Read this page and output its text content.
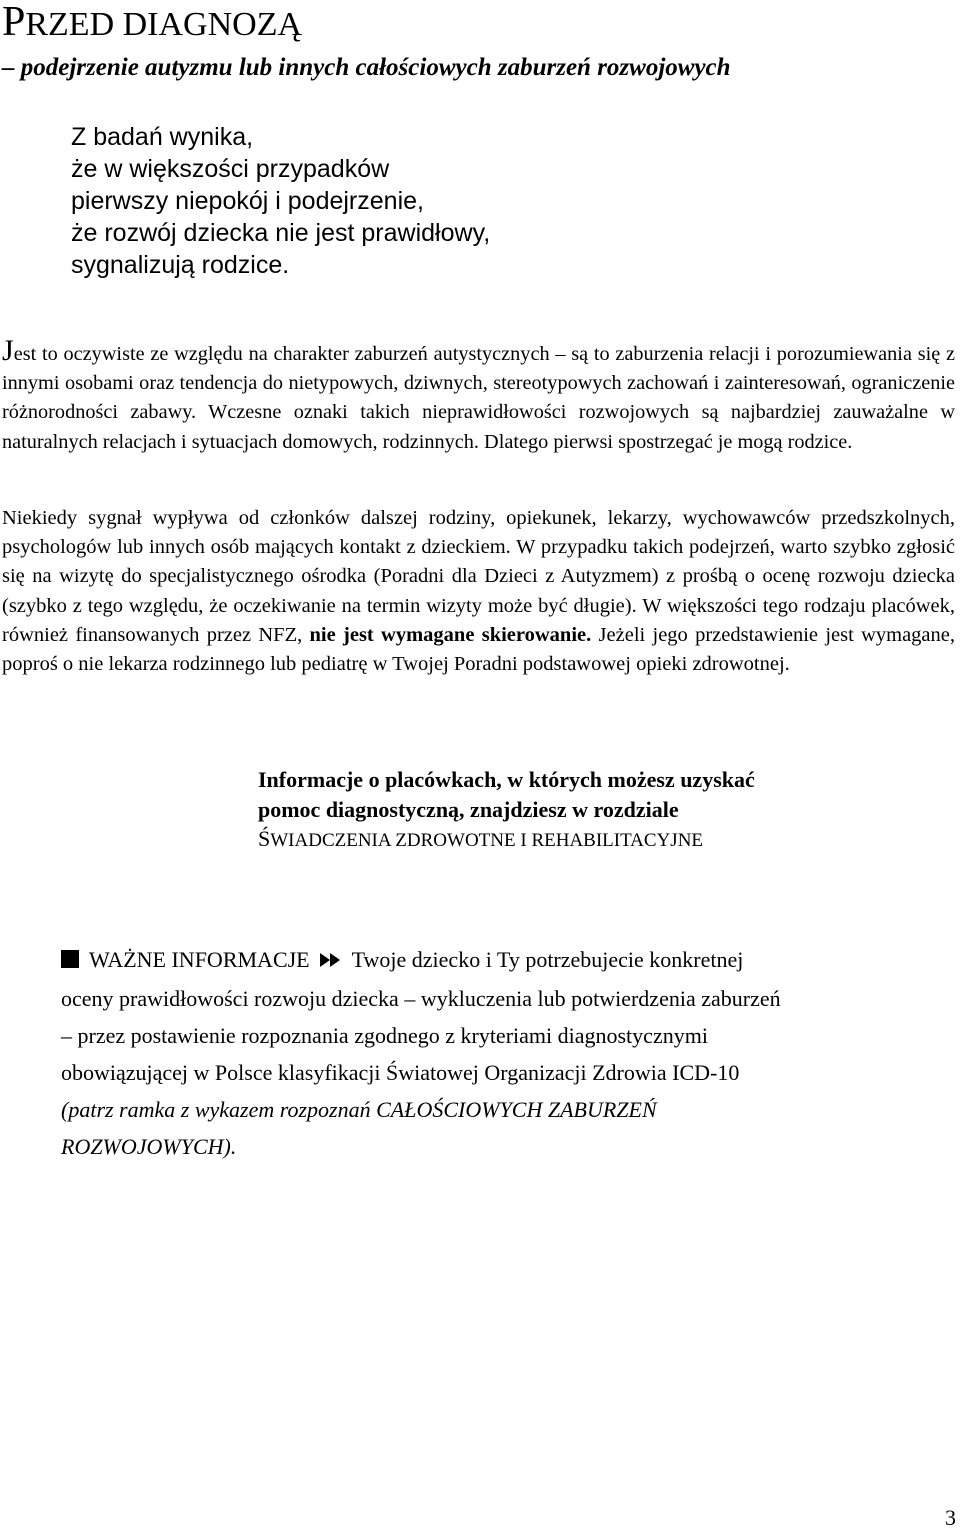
PRZED DIAGNOZĄ
– podejrzenie autyzmu lub innych całościowych zaburzeń rozwojowych
Z badań wynika,
że w większości przypadków
pierwszy niepokój i podejrzenie,
że rozwój dziecka nie jest prawidłowy,
sygnalizują rodzice.
Jest to oczywiste ze względu na charakter zaburzeń autystycznych – są to zaburzenia relacji i porozumiewania się z innymi osobami oraz tendencja do nietypowych, dziwnych, stereotypowych zachowań i zainteresowań, ograniczenie różnorodności zabawy. Wczesne oznaki takich nieprawidłowości rozwojowych są najbardziej zauważalne w naturalnych relacjach i sytuacjach domowych, rodzinnych. Dlatego pierwsi spostrzegać je mogą rodzice.
Niekiedy sygnał wypływa od członków dalszej rodziny, opiekunek, lekarzy, wychowawców przedszkolnych, psychologów lub innych osób mających kontakt z dzieckiem. W przypadku takich podejrzeń, warto szybko zgłosić się na wizytę do specjalistycznego ośrodka (Poradni dla Dzieci z Autyzmem) z prośbą o ocenę rozwoju dziecka (szybko z tego względu, że oczekiwanie na termin wizyty może być długie). W większości tego rodzaju placówek, również finansowanych przez NFZ, nie jest wymagane skierowanie. Jeżeli jego przedstawienie jest wymagane, poproś o nie lekarza rodzinnego lub pediatrę w Twojej Poradni podstawowej opieki zdrowotnej.
Informacje o placówkach, w których możesz uzyskać
pomoc diagnostyczną, znajdziesz w rozdziale
ŚWIADCZENIA ZDROWOTNE I REHABILITACYJNE
WAŻNE INFORMACJE Twoje dziecko i Ty potrzebujecie konkretnej
oceny prawidłowości rozwoju dziecka – wykluczenia lub potwierdzenia zaburzeń
– przez postawienie rozpoznania zgodnego z kryteriami diagnostycznymi
obowiązującej w Polsce klasyfikacji Światowej Organizacji Zdrowia ICD-10
(patrz ramka z wykazem rozpoznań CAŁOŚCIOWYCH ZABURZEŃ
ROZWOJOWYCH).
3
